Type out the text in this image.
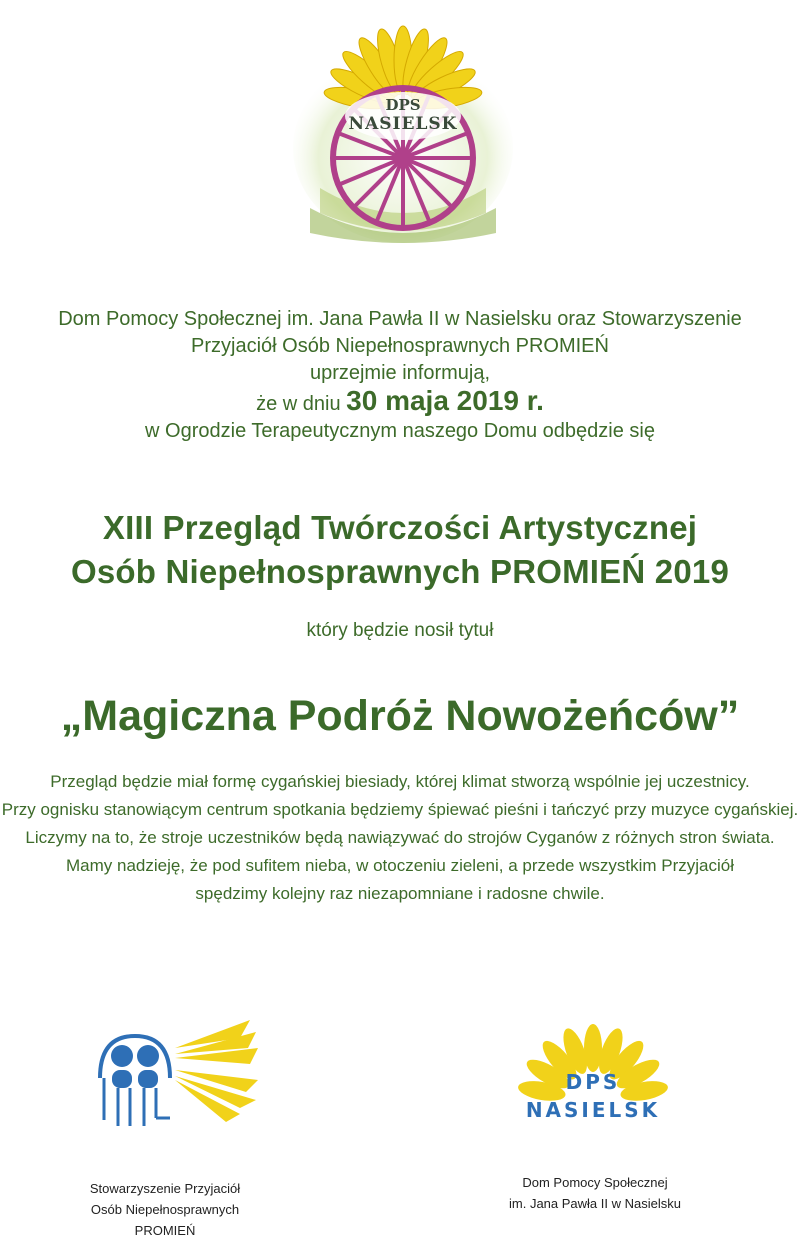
DPS
NASIELSK
Dom Pomocy Społecznej im. Jana Pawła II w Nasielsku oraz Stowarzyszenie
Przyjaciół Osób Niepełnosprawnych PROMIEŃ
uprzejmie informują,
że w dniu 30 maja 2019 r.
w Ogrodzie Terapeutycznym naszego Domu odbędzie się
XIII Przegląd Twórczości Artystycznej
Osób Niepełnosprawnych PROMIEŃ 2019
który będzie nosił tytuł
„Magiczna Podróż Nowożeńców”
Przegląd będzie miał formę cygańskiej biesiady, której klimat stworzą wspólnie jej uczestnicy.
Przy ognisku stanowiącym centrum spotkania będziemy śpiewać pieśni i tańczyć przy muzyce cygańskiej.
Liczymy na to, że stroje uczestników będą nawiązywać do strojów Cyganów z różnych stron świata.
Mamy nadzieję, że pod sufitem nieba, w otoczeniu zieleni, a przede wszystkim Przyjaciół
spędzimy kolejny raz niezapomniane i radosne chwile.
Stowarzyszenie Przyjaciół
Osób Niepełnosprawnych PROMIEŃ
DPS
NASIELSK
Dom Pomocy Społecznej
im. Jana Pawła II w Nasielsku
